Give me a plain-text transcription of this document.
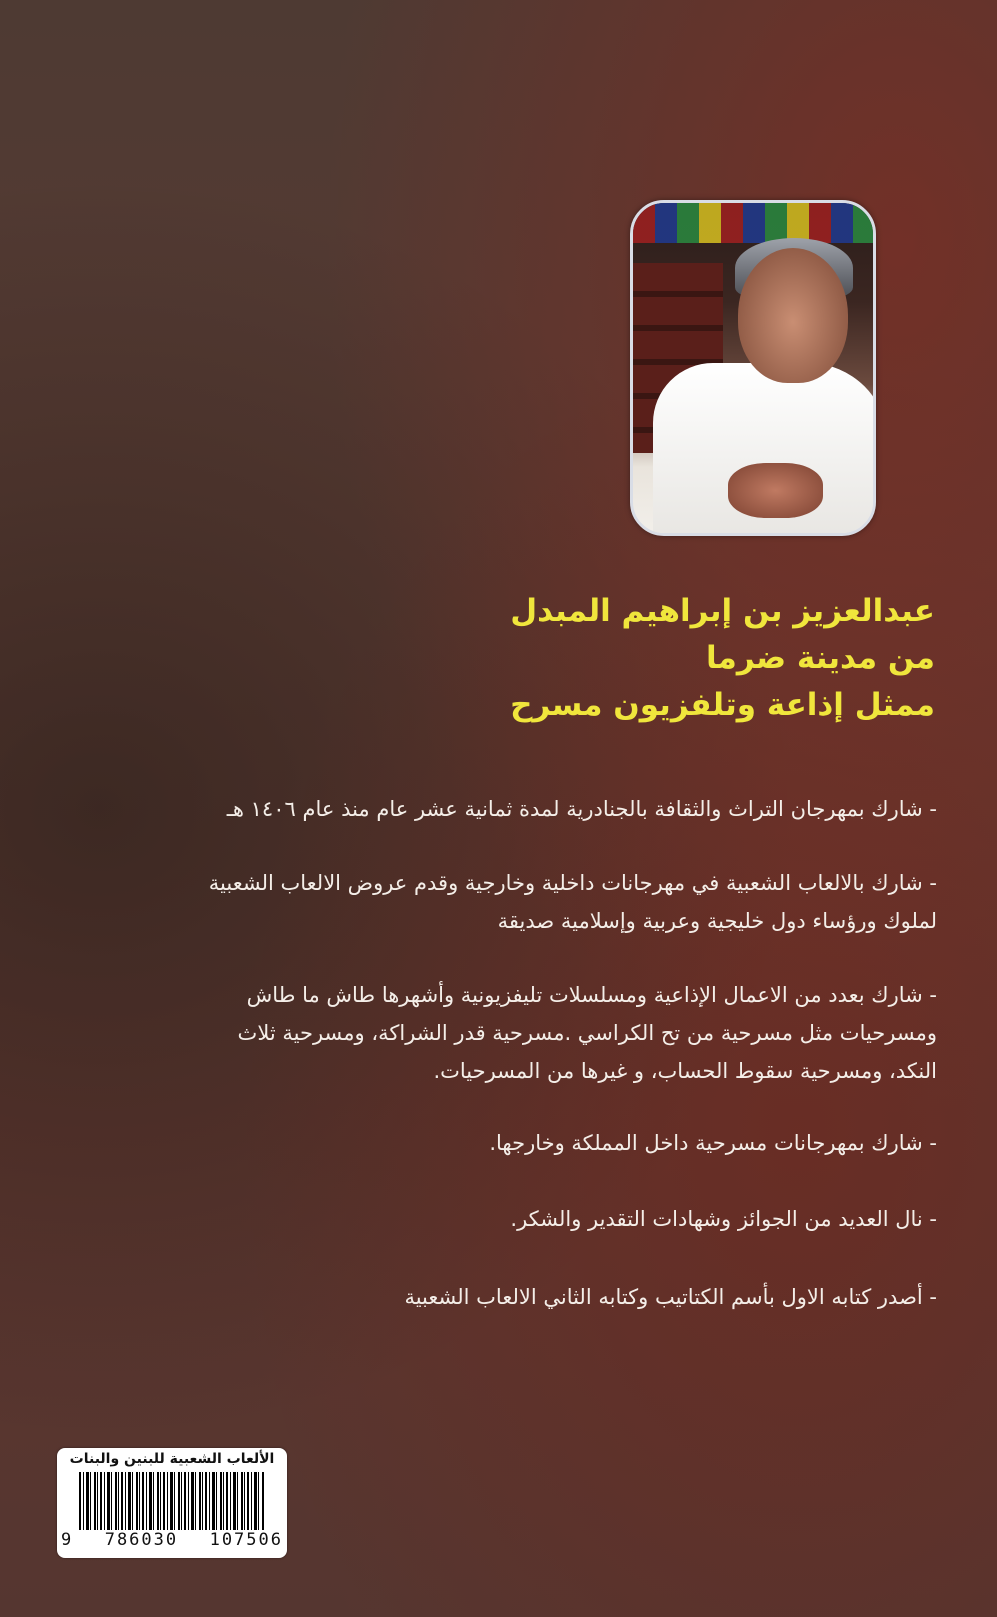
عبدالعزيز بن إبراهيم المبدل
من مدينة ضرما
ممثل إذاعة وتلفزيون مسرح

- شارك بمهرجان التراث والثقافة بالجنادرية لمدة ثمانية عشر عام منذ عام ١٤٠٦ هـ

- شارك بالالعاب الشعبية في مهرجانات داخلية وخارجية وقدم عروض الالعاب الشعبية

لملوك ورؤساء دول خليجية وعربية وإسلامية صديقة

- شارك بعدد من الاعمال الإذاعية ومسلسلات تليفزيونية وأشهرها طاش ما طاش

ومسرحيات مثل مسرحية من تح الكراسي .مسرحية قدر الشراكة، ومسرحية ثلاث

النكد، ومسرحية سقوط الحساب، و غيرها من المسرحيات.

- شارك بمهرجانات مسرحية داخل المملكة وخارجها.

- نال العديد من الجوائز وشهادات التقدير والشكر.

- أصدر كتابه الاول بأسم الكتاتيب وكتابه الثاني الالعاب الشعبية

الألعاب الشعبية للبنين والبنات
9 786030 107506
